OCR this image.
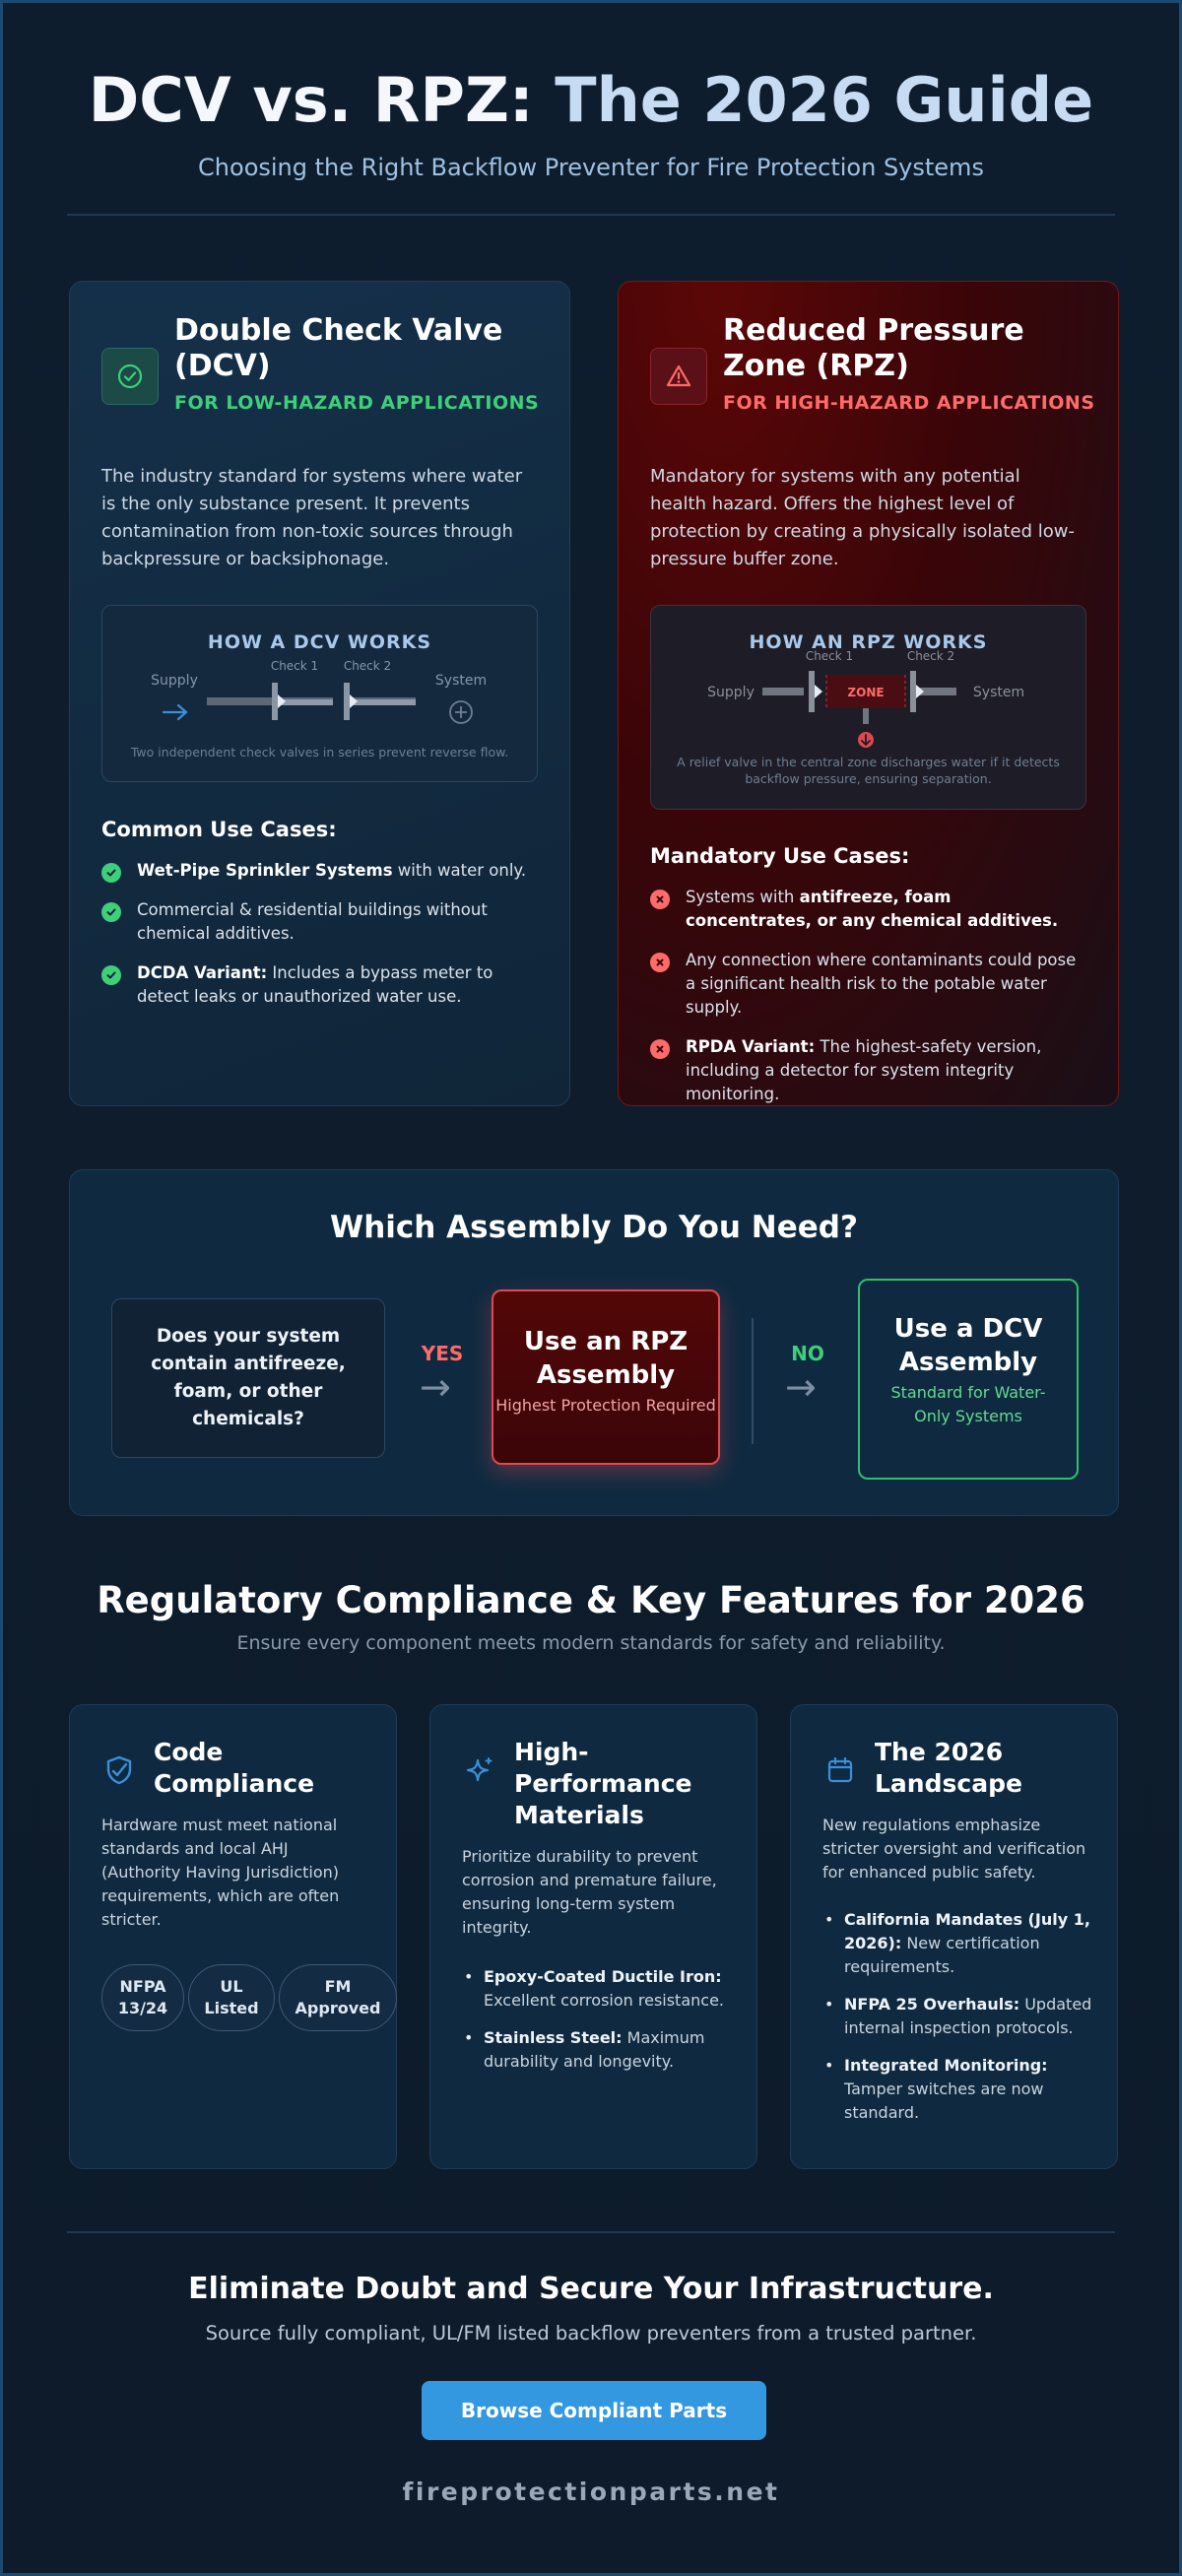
DCV vs. RPZ: The 2026 Guide
Choosing the Right Backflow Preventer for Fire Protection Systems
Double Check Valve (DCV)
FOR LOW-HAZARD APPLICATIONS
The industry standard for systems where water is the only substance present. It prevents contamination from non-toxic sources through backpressure or backsiphonage.
HOW A DCV WORKS
Supply	System
Check 1 Check 2
Two independent check valves in series prevent reverse flow.
Common Use Cases:
Wet-Pipe Sprinkler Systems with water only.
Commercial & residential buildings without chemical additives.
DCDA Variant: Includes a bypass meter to detect leaks or unauthorized water use.
Reduced Pressure Zone (RPZ)
FOR HIGH-HAZARD APPLICATIONS
Mandatory for systems with any potential health hazard. Offers the highest level of protection by creating a physically isolated low-pressure buffer zone.
HOW AN RPZ WORKS
Supply	System
ZONE
Check 1	Check 2
A relief valve in the central zone discharges water if it detects backflow pressure, ensuring separation.
Mandatory Use Cases:
Systems with antifreeze, foam concentrates, or any chemical additives.
Any connection where contaminants could pose a significant health risk to the potable water supply.
RPDA Variant: The highest-safety version, including a detector for system integrity monitoring.
Which Assembly Do You Need?
Does your system contain antifreeze, foam, or other chemicals?
YES
→
Use an RPZ Assembly
Highest Protection Required
NO
→
Use a DCV Assembly
Standard for Water-Only Systems
Regulatory Compliance & Key Features for 2026
Ensure every component meets modern standards for safety and reliability.
Code Compliance
Hardware must meet national standards and local AHJ (Authority Having Jurisdiction) requirements, which are often stricter.
NFPA 13/24
UL Listed
FM Approved
High-Performance Materials
Prioritize durability to prevent corrosion and premature failure, ensuring long-term system integrity.
• Epoxy-Coated Ductile Iron: Excellent corrosion resistance.
• Stainless Steel: Maximum durability and longevity.
The 2026 Landscape
New regulations emphasize stricter oversight and verification for enhanced public safety.
• California Mandates (July 1, 2026): New certification requirements.
• NFPA 25 Overhauls: Updated internal inspection protocols.
• Integrated Monitoring: Tamper switches are now standard.
Eliminate Doubt and Secure Your Infrastructure.
Source fully compliant, UL/FM listed backflow preventers from a trusted partner.
Browse Compliant Parts
fireprotectionparts.net
